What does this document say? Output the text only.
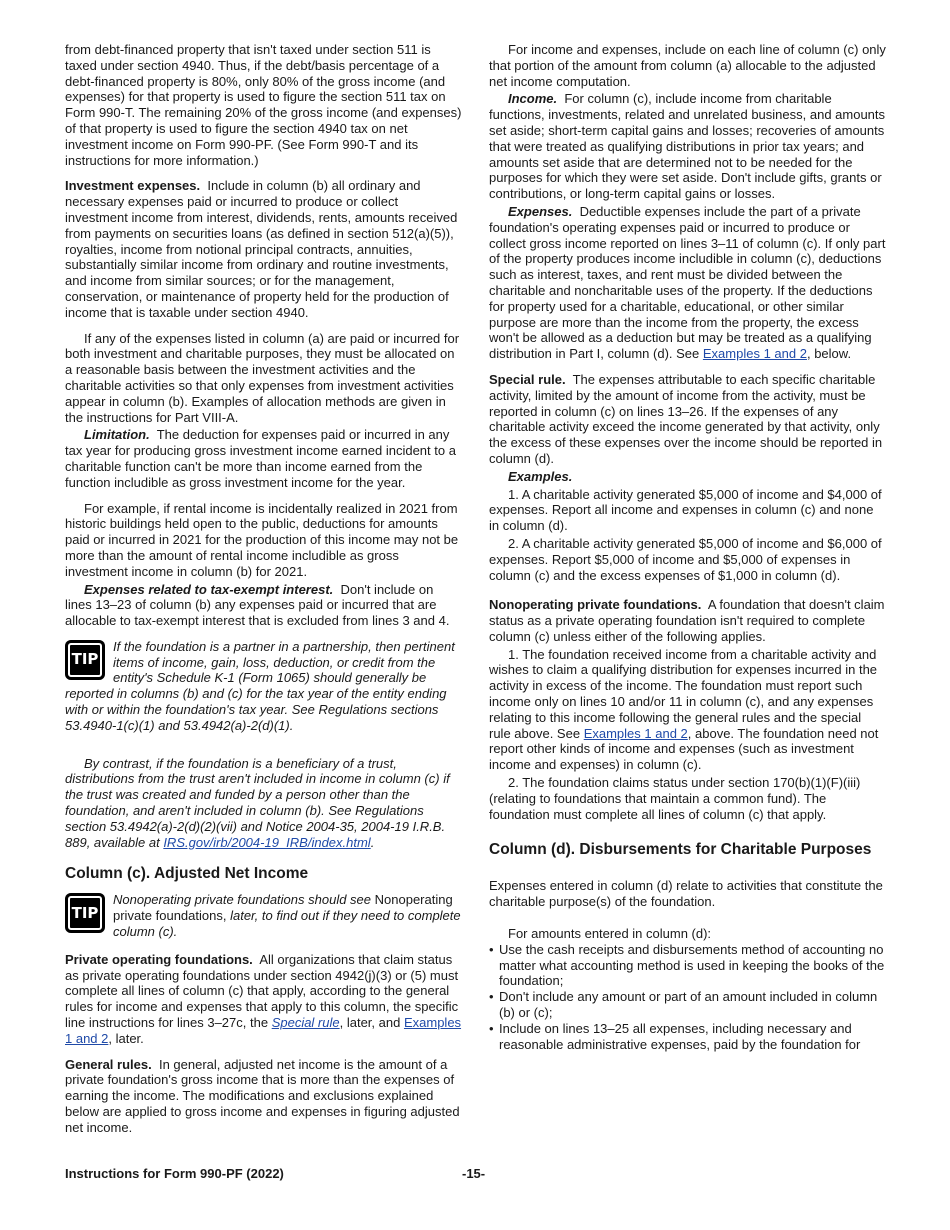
from debt-financed property that isn't taxed under section 511 is taxed under section 4940. Thus, if the debt/basis percentage of a debt-financed property is 80%, only 80% of the gross income (and expenses) for that property is used to figure the section 511 tax on Form 990-T. The remaining 20% of the gross income (and expenses) of that property is used to figure the section 4940 tax on net investment income on Form 990-PF. (See Form 990-T and its instructions for more information.)

Investment expenses. Include in column (b) all ordinary and necessary expenses paid or incurred to produce or collect investment income from interest, dividends, rents, amounts received from payments on securities loans (as defined in section 512(a)(5)), royalties, income from notional principal contracts, annuities, substantially similar income from ordinary and routine investments, and income from similar sources; or for the management, conservation, or maintenance of property held for the production of income that is taxable under section 4940.

If any of the expenses listed in column (a) are paid or incurred for both investment and charitable purposes, they must be allocated on a reasonable basis between the investment activities and the charitable activities so that only expenses from investment activities appear in column (b). Examples of allocation methods are given in the instructions for Part VIII-A.

Limitation. The deduction for expenses paid or incurred in any tax year for producing gross investment income earned incident to a charitable function can't be more than income earned from the function includible as gross investment income for the year.

For example, if rental income is incidentally realized in 2021 from historic buildings held open to the public, deductions for amounts paid or incurred in 2021 for the production of this income may not be more than the amount of rental income includible as gross investment income in column (b) for 2021.

Expenses related to tax-exempt interest. Don't include on lines 13–23 of column (b) any expenses paid or incurred that are allocable to tax-exempt interest that is excluded from lines 3 and 4.

TIP
If the foundation is a partner in a partnership, then pertinent items of income, gain, loss, deduction, or credit from the entity's Schedule K-1 (Form 1065) should generally be reported in columns (b) and (c) for the tax year of the entity ending with or within the foundation's tax year. See Regulations sections 53.4940-1(c)(1) and 53.4942(a)-2(d)(1).

By contrast, if the foundation is a beneficiary of a trust, distributions from the trust aren't included in income in column (c) if the trust was created and funded by a person other than the foundation, and aren't included in column (b). See Regulations section 53.4942(a)-2(d)(2)(vii) and Notice 2004-35, 2004-19 I.R.B. 889, available at IRS.gov/irb/2004-19_IRB/index.html.

Column (c). Adjusted Net Income
TIP
Nonoperating private foundations should see Nonoperating private foundations, later, to find out if they need to complete column (c).

Private operating foundations. All organizations that claim status as private operating foundations under section 4942(j)(3) or (5) must complete all lines of column (c) that apply, according to the general rules for income and expenses that apply to this column, the specific line instructions for lines 3–27c, the Special rule, later, and Examples 1 and 2, later.

General rules. In general, adjusted net income is the amount of a private foundation's gross income that is more than the expenses of earning the income. The modifications and exclusions explained below are applied to gross income and expenses in figuring adjusted net income.

For income and expenses, include on each line of column (c) only that portion of the amount from column (a) allocable to the adjusted net income computation.

Income. For column (c), include income from charitable functions, investments, related and unrelated business, and amounts set aside; short-term capital gains and losses; recoveries of amounts that were treated as qualifying distributions in prior tax years; and amounts set aside that are determined not to be needed for the purposes for which they were set aside. Don't include gifts, grants or contributions, or long-term capital gains or losses.

Expenses. Deductible expenses include the part of a private foundation's operating expenses paid or incurred to produce or collect gross income reported on lines 3–11 of column (c). If only part of the property produces income includible in column (c), deductions such as interest, taxes, and rent must be divided between the charitable and noncharitable uses of the property. If the deductions for property used for a charitable, educational, or other similar purpose are more than the income from the property, the excess won't be allowed as a deduction but may be treated as a qualifying distribution in Part I, column (d). See Examples 1 and 2, below.

Special rule. The expenses attributable to each specific charitable activity, limited by the amount of income from the activity, must be reported in column (c) on lines 13–26. If the expenses of any charitable activity exceed the income generated by that activity, only the excess of these expenses over the income should be reported in column (d).

Examples.

1. A charitable activity generated $5,000 of income and $4,000 of expenses. Report all income and expenses in column (c) and none in column (d).

2. A charitable activity generated $5,000 of income and $6,000 of expenses. Report $5,000 of income and $5,000 of expenses in column (c) and the excess expenses of $1,000 in column (d).

Nonoperating private foundations. A foundation that doesn't claim status as a private operating foundation isn't required to complete column (c) unless either of the following applies.

1. The foundation received income from a charitable activity and wishes to claim a qualifying distribution for expenses incurred in the activity in excess of the income. The foundation must report such income only on lines 10 and/or 11 in column (c), and any expenses relating to this income following the general rules and the special rule above. See Examples 1 and 2, above. The foundation need not report other kinds of income and expenses (such as investment income and expenses) in column (c).

2. The foundation claims status under section 170(b)(1)(F)(iii) (relating to foundations that maintain a common fund). The foundation must complete all lines of column (c) that apply.

Column (d). Disbursements for Charitable Purposes

Expenses entered in column (d) relate to activities that constitute the charitable purpose(s) of the foundation.

For amounts entered in column (d):

• Use the cash receipts and disbursements method of accounting no matter what accounting method is used in keeping the books of the foundation;
• Don't include any amount or part of an amount included in column (b) or (c);
• Include on lines 13–25 all expenses, including necessary and reasonable administrative expenses, paid by the foundation for
Instructions for Form 990-PF (2022)	-15-
